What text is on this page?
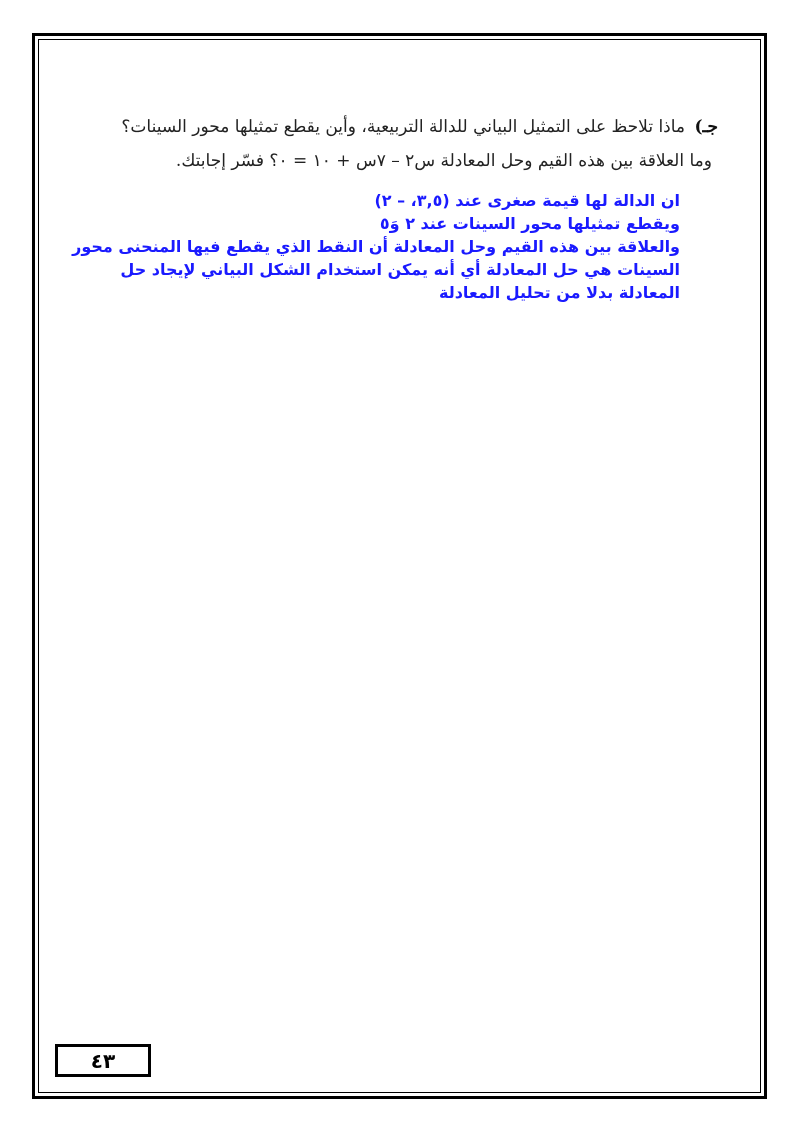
جـ) ماذا تلاحظ على التمثيل البياني للدالة التربيعية، وأين يقطع تمثيلها محور السينات؟
وما العلاقة بين هذه القيم وحل المعادلة س٢ – ٧س + ١٠ = ٠؟ فسّر إجابتك.
ان الدالة لها قيمة صغرى عند (٣,٥، – ٢)
ويقطع تمثيلها محور السينات عند ٢ وَ٥
والعلاقة بين هذه القيم وحل المعادلة أن النقط الذي يقطع فيها المنحنى محور
السينات هي حل المعادلة أي أنه يمكن استخدام الشكل البياني لإيجاد حل
المعادلة بدلا من تحليل المعادلة
٤٣
